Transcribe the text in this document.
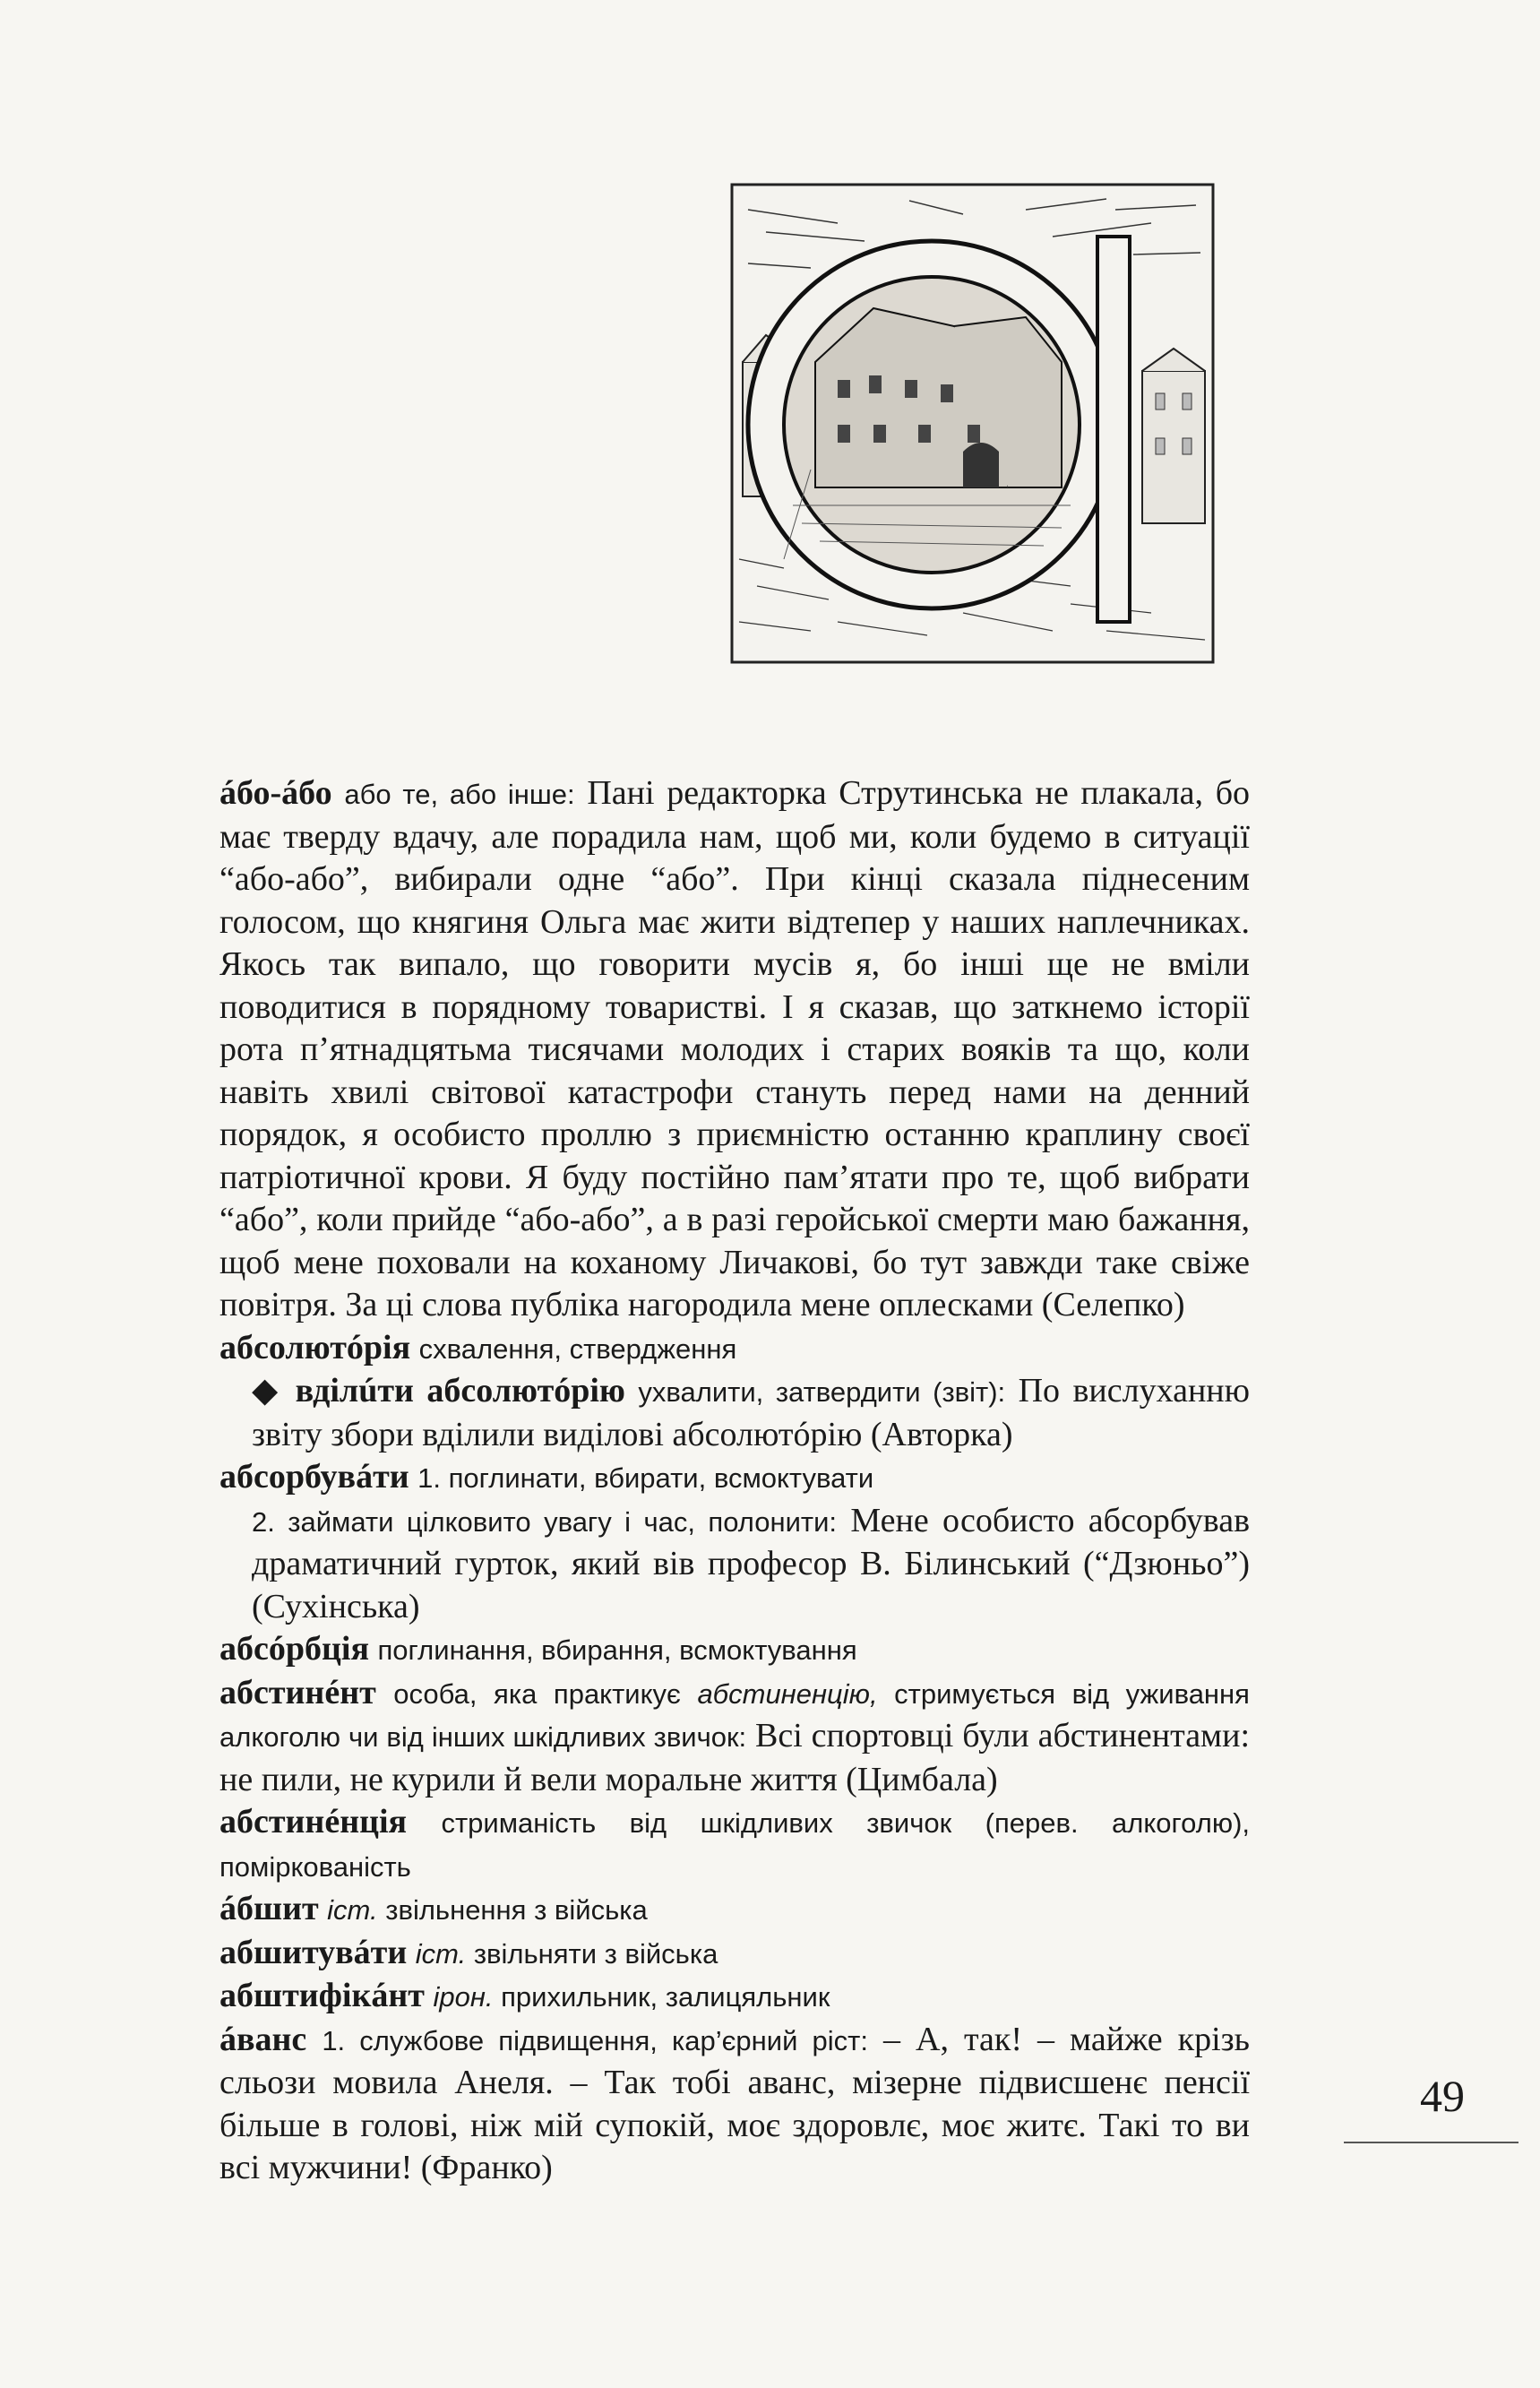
áбо-áбо або те, або інше: Пані редакторка Струтинська не плакала, бо має тверду вдачу, але порадила нам, щоб ми, коли будемо в ситуації “або-або”, вибирали одне “або”. При кінці сказала піднесеним голосом, що княгиня Ольга має жити відтепер у наших наплечниках. Якось так випало, що говорити мусів я, бо інші ще не вміли поводитися в порядному товаристві. І я сказав, що заткнемо історії рота п’ятнадцятьма тисячами молодих і старих вояків та що, коли навіть хвилі світової катастрофи стануть перед нами на денний порядок, я особисто проллю з приємністю останню краплину своєї патріотичної крови. Я буду постійно пам’ятати про те, щоб вибрати “або”, коли прийде “або-або”, а в разі геройської смерти маю бажання, щоб мене поховали на коханому Личакові, бо тут завжди таке свіже повітря. За ці слова публіка нагородила мене оплесками (Селепко)

абсолютóрія схвалення, ствердження

◆ вділúти абсолютóрію ухвалити, затвердити (звіт): По вислуханню звіту збори вділили виділові абсолютóрію (Авторка)

абсорбувáти 1. поглинати, вбирати, всмоктувати

2. займати цілковито увагу і час, полонити: Мене особисто абсорбував драматичний гурток, який вів професор В. Білинський (“Дзюньо”) (Сухінська)

абсóрбція поглинання, вбирання, всмоктування

абстинéнт особа, яка практикує абстиненцію, стримується від уживання алкоголю чи від інших шкідливих звичок: Всі спортовці були абстинентами: не пили, не курили й вели моральне життя (Цимбала)

абстинéнція стриманість від шкідливих звичок (перев. алкоголю), поміркованість

áбшит іст. звільнення з війська

абшитувáти іст. звільняти з війська

абштифікáнт ірон. прихильник, залицяльник

áванс 1. службове підвищення, кар’єрний ріст: – А, так! – майже крізь сльози мовила Анеля. – Так тобі аванс, мізерне підвисшенє пенсії більше в голові, ніж мій супокій, моє здоровлє, моє житє. Такі то ви всі мужчини! (Франко)

49
